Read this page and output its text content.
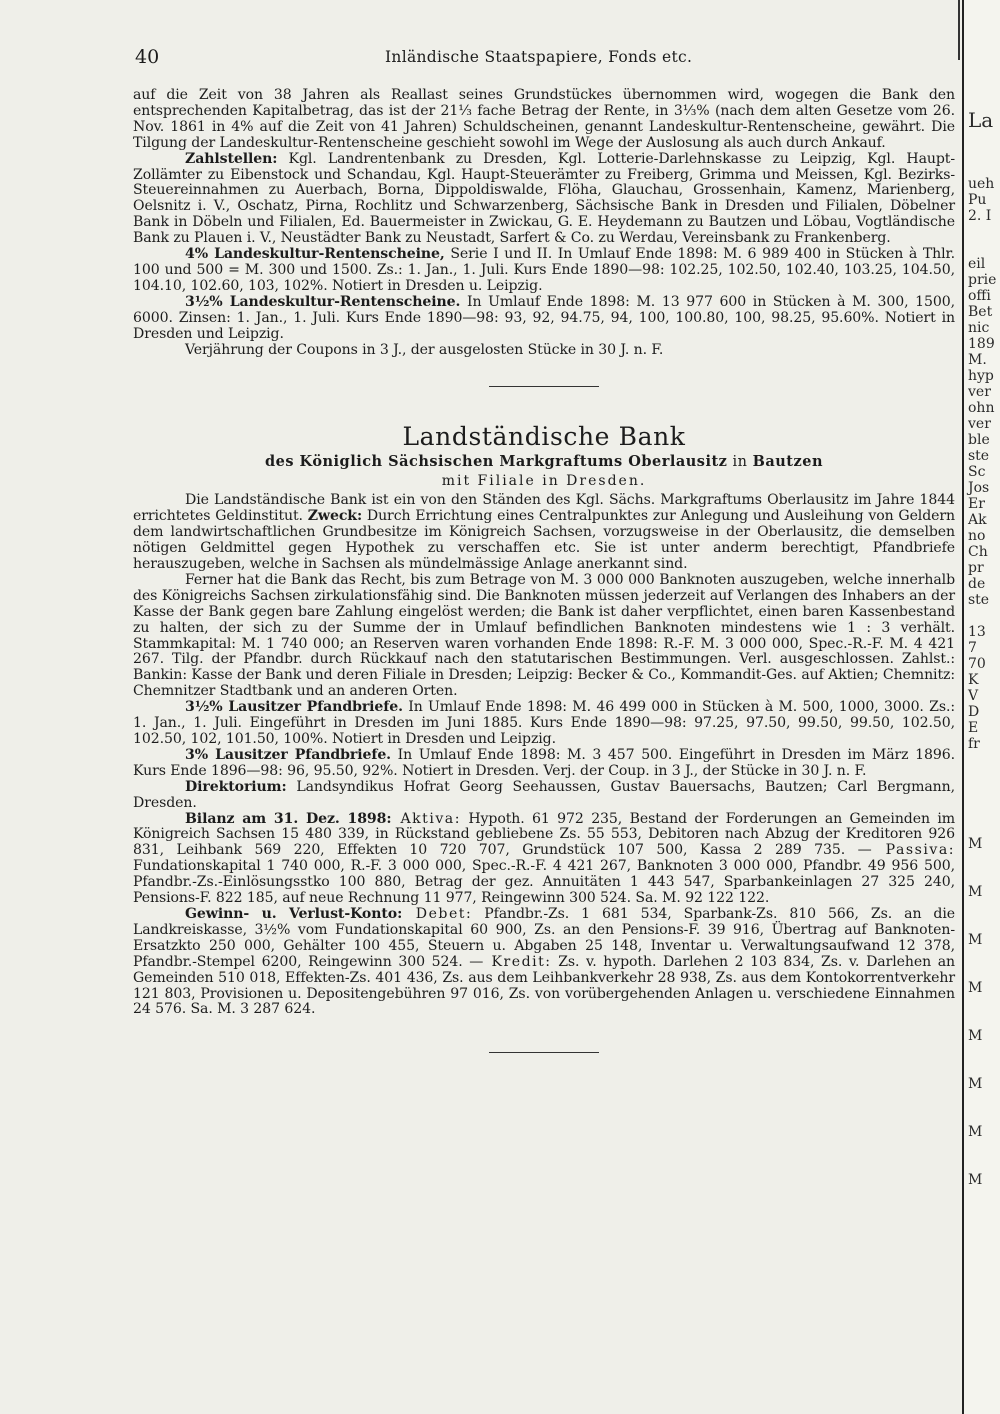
40	Inländische Staatspapiere, Fonds etc.

auf die Zeit von 38 Jahren als Reallast seines Grundstückes übernommen wird, wogegen die Bank den entsprechenden Kapitalbetrag, das ist der 21⅓ fache Betrag der Rente, in 3⅓% (nach dem alten Gesetze vom 26. Nov. 1861 in 4% auf die Zeit von 41 Jahren) Schuldscheinen, genannt Landeskultur-Rentenscheine, gewährt. Die Tilgung der Landeskultur-Rentenscheine geschieht sowohl im Wege der Auslosung als auch durch Ankauf.

Zahlstellen: Kgl. Landrentenbank zu Dresden, Kgl. Lotterie-Darlehnskasse zu Leipzig, Kgl. Haupt-Zollämter zu Eibenstock und Schandau, Kgl. Haupt-Steuerämter zu Freiberg, Grimma und Meissen, Kgl. Bezirks-Steuereinnahmen zu Auerbach, Borna, Dippoldiswalde, Flöha, Glauchau, Grossenhain, Kamenz, Marienberg, Oelsnitz i. V., Oschatz, Pirna, Rochlitz und Schwarzenberg, Sächsische Bank in Dresden und Filialen, Döbelner Bank in Döbeln und Filialen, Ed. Bauermeister in Zwickau, G. E. Heydemann zu Bautzen und Löbau, Vogtländische Bank zu Plauen i. V., Neustädter Bank zu Neustadt, Sarfert & Co. zu Werdau, Vereinsbank zu Frankenberg.

4% Landeskultur-Rentenscheine, Serie I und II. In Umlauf Ende 1898: M. 6 989 400 in Stücken à Thlr. 100 und 500 = M. 300 und 1500. Zs.: 1. Jan., 1. Juli. Kurs Ende 1890—98: 102.25, 102.50, 102.40, 103.25, 104.50, 104.10, 102.60, 103, 102%. Notiert in Dresden u. Leipzig.

3½% Landeskultur-Rentenscheine. In Umlauf Ende 1898: M. 13 977 600 in Stücken à M. 300, 1500, 6000. Zinsen: 1. Jan., 1. Juli. Kurs Ende 1890—98: 93, 92, 94.75, 94, 100, 100.80, 100, 98.25, 95.60%. Notiert in Dresden und Leipzig.

Verjährung der Coupons in 3 J., der ausgelosten Stücke in 30 J. n. F.

Landständische Bank

des Königlich Sächsischen Markgraftums Oberlausitz in Bautzen

mit Filiale in Dresden.

Die Landständische Bank ist ein von den Ständen des Kgl. Sächs. Markgraftums Oberlausitz im Jahre 1844 errichtetes Geldinstitut. Zweck: Durch Errichtung eines Centralpunktes zur Anlegung und Ausleihung von Geldern dem landwirtschaftlichen Grundbesitze im Königreich Sachsen, vorzugsweise in der Oberlausitz, die demselben nötigen Geldmittel gegen Hypothek zu verschaffen etc. Sie ist unter anderm berechtigt, Pfandbriefe herauszugeben, welche in Sachsen als mündelmässige Anlage anerkannt sind.

Ferner hat die Bank das Recht, bis zum Betrage von M. 3 000 000 Banknoten auszugeben, welche innerhalb des Königreichs Sachsen zirkulationsfähig sind. Die Banknoten müssen jederzeit auf Verlangen des Inhabers an der Kasse der Bank gegen bare Zahlung eingelöst werden; die Bank ist daher verpflichtet, einen baren Kassenbestand zu halten, der sich zu der Summe der in Umlauf befindlichen Banknoten mindestens wie 1 : 3 verhält. Stammkapital: M. 1 740 000; an Reserven waren vorhanden Ende 1898: R.-F. M. 3 000 000, Spec.-R.-F. M. 4 421 267. Tilg. der Pfandbr. durch Rückkauf nach den statutarischen Bestimmungen. Verl. ausgeschlossen. Zahlst.: Bankin: Kasse der Bank und deren Filiale in Dresden; Leipzig: Becker & Co., Kommandit-Ges. auf Aktien; Chemnitz: Chemnitzer Stadtbank und an anderen Orten.

3½% Lausitzer Pfandbriefe. In Umlauf Ende 1898: M. 46 499 000 in Stücken à M. 500, 1000, 3000. Zs.: 1. Jan., 1. Juli. Eingeführt in Dresden im Juni 1885. Kurs Ende 1890—98: 97.25, 97.50, 99.50, 99.50, 102.50, 102.50, 102, 101.50, 100%. Notiert in Dresden und Leipzig.

3% Lausitzer Pfandbriefe. In Umlauf Ende 1898: M. 3 457 500. Eingeführt in Dresden im März 1896. Kurs Ende 1896—98: 96, 95.50, 92%. Notiert in Dresden. Verj. der Coup. in 3 J., der Stücke in 30 J. n. F.

Direktorium: Landsyndikus Hofrat Georg Seehaussen, Gustav Bauersachs, Bautzen; Carl Bergmann, Dresden.

Bilanz am 31. Dez. 1898: Aktiva: Hypoth. 61 972 235, Bestand der Forderungen an Gemeinden im Königreich Sachsen 15 480 339, in Rückstand gebliebene Zs. 55 553, Debitoren nach Abzug der Kreditoren 926 831, Leihbank 569 220, Effekten 10 720 707, Grundstück 107 500, Kassa 2 289 735. — Passiva: Fundationskapital 1 740 000, R.-F. 3 000 000, Spec.-R.-F. 4 421 267, Banknoten 3 000 000, Pfandbr. 49 956 500, Pfandbr.-Zs.-Einlösungsstko 100 880, Betrag der gez. Annuitäten 1 443 547, Sparbankeinlagen 27 325 240, Pensions-F. 822 185, auf neue Rechnung 11 977, Reingewinn 300 524. Sa. M. 92 122 122.

Gewinn- u. Verlust-Konto: Debet: Pfandbr.-Zs. 1 681 534, Sparbank-Zs. 810 566, Zs. an die Landkreiskasse, 3½% vom Fundationskapital 60 900, Zs. an den Pensions-F. 39 916, Übertrag auf Banknoten-Ersatzkto 250 000, Gehälter 100 455, Steuern u. Abgaben 25 148, Inventar u. Verwaltungsaufwand 12 378, Pfandbr.-Stempel 6200, Reingewinn 300 524. — Kredit: Zs. v. hypoth. Darlehen 2 103 834, Zs. v. Darlehen an Gemeinden 510 018, Effekten-Zs. 401 436, Zs. aus dem Leihbankverkehr 28 938, Zs. aus dem Kontokorrentverkehr 121 803, Provisionen u. Depositengebühren 97 016, Zs. von vorübergehenden Anlagen u. verschiedene Einnahmen 24 576. Sa. M. 3 287 624.

La
ueh
Pu
2. I
eil
prie
offi
Bet
nic
189
M.
hyp
ver
ohn
ver
ble
ste
Sc
Jos
Er
Ak
no
Ch
pr
de
ste
13
7
70
K
V
D
E
fr
M
M
M
M
M
M
M
M
